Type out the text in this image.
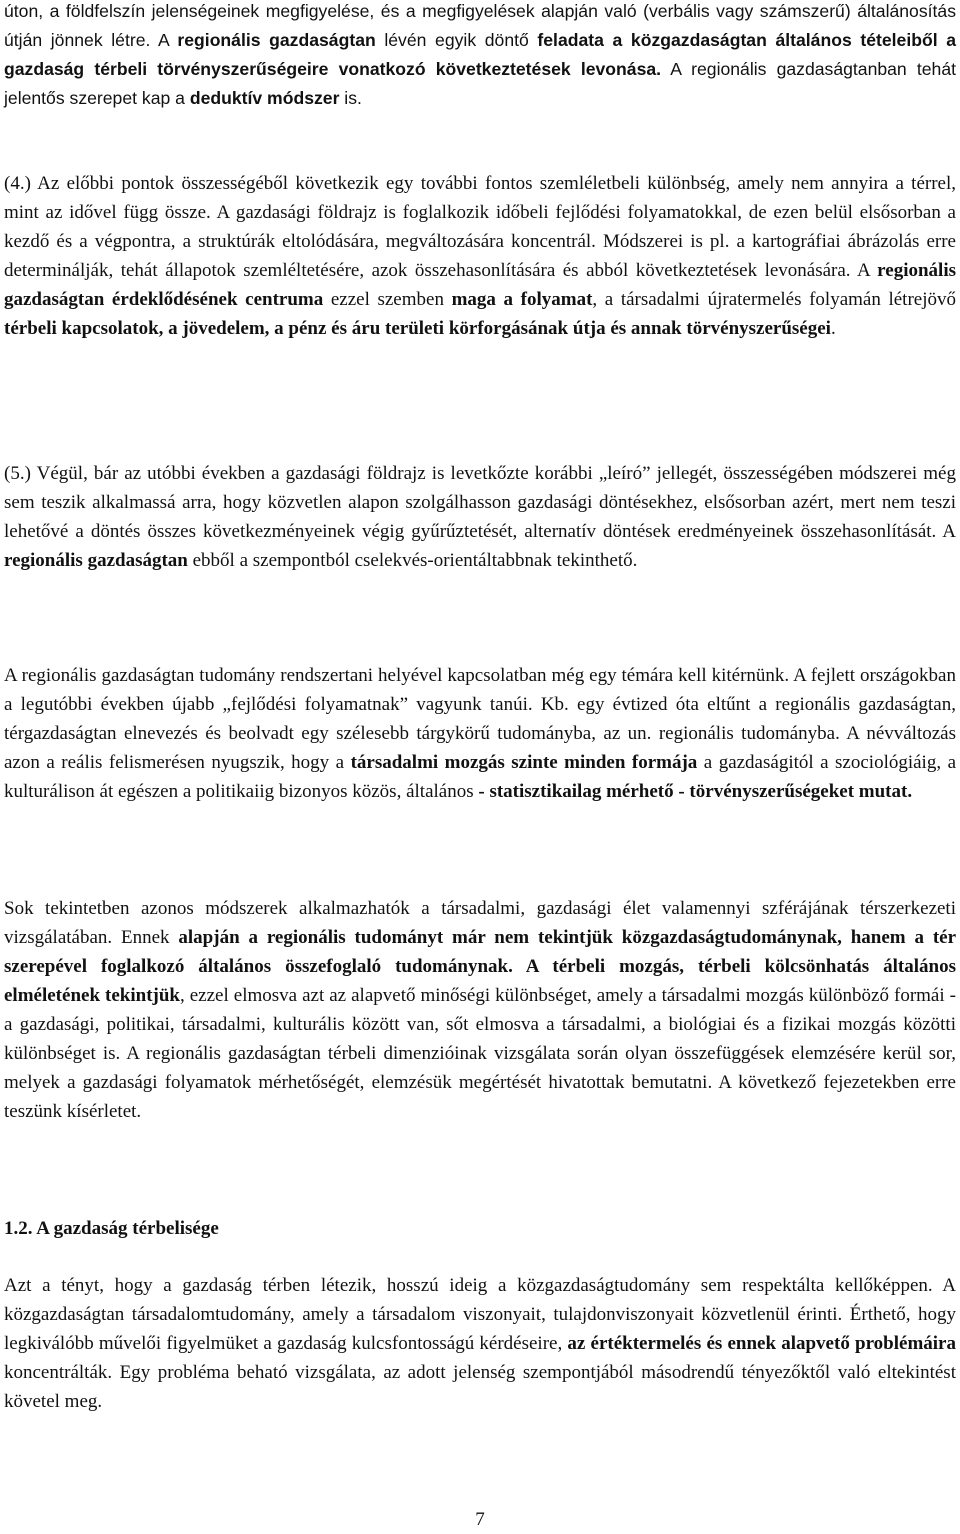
úton, a földfelszín jelenségeinek megfigyelése, és a megfigyelések alapján való (verbális vagy számszerű) általánosítás útján jönnek létre. A regionális gazdaságtan lévén egyik döntő feladata a közgazdaságtan általános tételeiből a gazdaság térbeli törvényszerűségeire vonatkozó következtetések levonása. A regionális gazdaságtanban tehát jelentős szerepet kap a deduktív módszer is.

(4.) Az előbbi pontok összességéből következik egy további fontos szemléletbeli különbség, amely nem annyira a térrel, mint az idővel függ össze. A gazdasági földrajz is foglalkozik időbeli fejlődési folyamatokkal, de ezen belül elsősorban a kezdő és a végpontra, a struktúrák eltolódására, megváltozására koncentrál. Módszerei is pl. a kartográfiai ábrázolás erre determinálják, tehát állapotok szemléltetésére, azok összehasonlítására és abból következtetések levonására. A regionális gazdaságtan érdeklődésének centruma ezzel szemben maga a folyamat, a társadalmi újratermelés folyamán létrejövő térbeli kapcsolatok, a jövedelem, a pénz és áru területi körforgásának útja és annak törvényszerűségei.

(5.) Végül, bár az utóbbi években a gazdasági földrajz is levetkőzte korábbi „leíró” jellegét, összességében módszerei még sem teszik alkalmassá arra, hogy közvetlen alapon szolgálhasson gazdasági döntésekhez, elsősorban azért, mert nem teszi lehetővé a döntés összes következményeinek végig gyűrűztetését, alternatív döntések eredményeinek összehasonlítását. A regionális gazdaságtan ebből a szempontból cselekvés-orientáltabbnak tekinthető.

A regionális gazdaságtan tudomány rendszertani helyével kapcsolatban még egy témára kell kitérnünk. A fejlett országokban a legutóbbi években újabb „fejlődési folyamatnak” vagyunk tanúi. Kb. egy évtized óta eltűnt a regionális gazdaságtan, térgazdaságtan elnevezés és beolvadt egy szélesebb tárgykörű tudományba, az un. regionális tudományba. A névváltozás azon a reális felismerésen nyugszik, hogy a társadalmi mozgás szinte minden formája a gazdaságitól a szociológiáig, a kulturálison át egészen a politikaiig bizonyos közös, általános - statisztikailag mérhető - törvényszerűségeket mutat.

Sok tekintetben azonos módszerek alkalmazhatók a társadalmi, gazdasági élet valamennyi szférájának térszerkezeti vizsgálatában. Ennek alapján a regionális tudományt már nem tekintjük közgazdaságtudománynak, hanem a tér szerepével foglalkozó általános összefoglaló tudománynak. A térbeli mozgás, térbeli kölcsönhatás általános elméletének tekintjük, ezzel elmosva azt az alapvető minőségi különbséget, amely a társadalmi mozgás különböző formái - a gazdasági, politikai, társadalmi, kulturális között van, sőt elmosva a társadalmi, a biológiai és a fizikai mozgás közötti különbséget is. A regionális gazdaságtan térbeli dimenzióinak vizsgálata során olyan összefüggések elemzésére kerül sor, melyek a gazdasági folyamatok mérhetőségét, elemzésük megértését hivatottak bemutatni. A következő fejezetekben erre teszünk kísérletet.

1.2. A gazdaság térbelisége

Azt a tényt, hogy a gazdaság térben létezik, hosszú ideig a közgazdaságtudomány sem respektálta kellőképpen. A közgazdaságtan társadalomtudomány, amely a társadalom viszonyait, tulajdonviszonyait közvetlenül érinti. Érthető, hogy legkiválóbb művelői figyelmüket a gazdaság kulcsfontosságú kérdéseire, az értéktermelés és ennek alapvető problémáira koncentrálták. Egy probléma beható vizsgálata, az adott jelenség szempontjából másodrendű tényezőktől való eltekintést követel meg.

7
